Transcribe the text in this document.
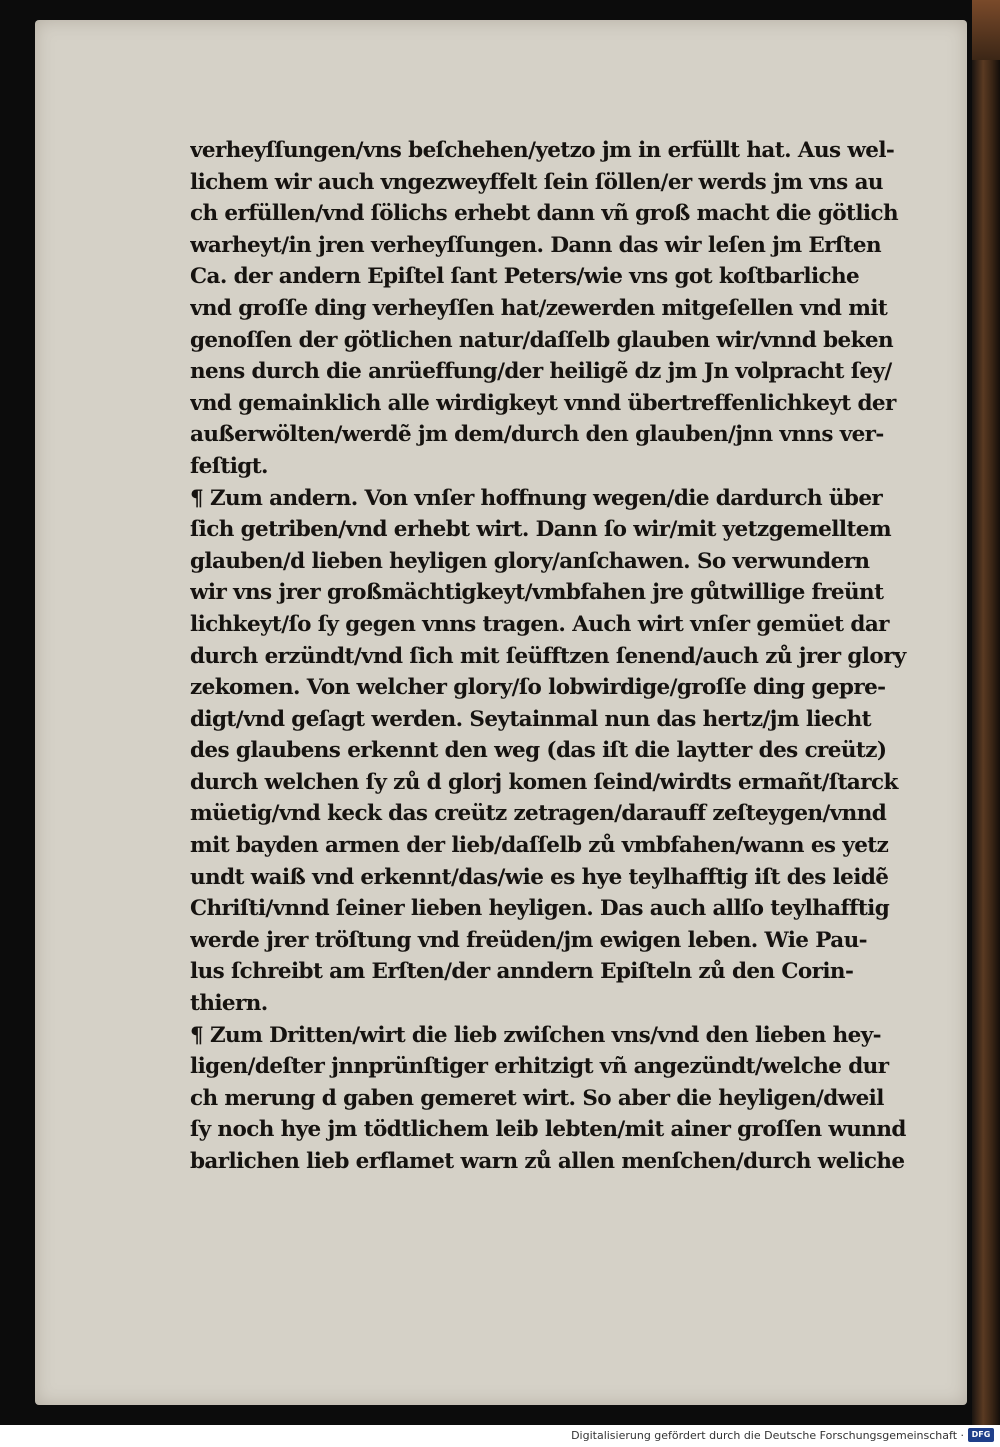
verheyſſungen/vns beſchehen/yetzo jm in erfüllt hat. Aus wel-
lichem wir auch vngezweyffelt ſein ſöllen/er werds jm vns au
ch erfüllen/vnd ſölichs erhebt dann vñ groß macht die götlich
warheyt/in jren verheyſſungen. Dann das wir leſen jm Erſten
Ca. der andern Epiſtel ſant Peters/wie vns got koſtbarliche
vnd groſſe ding verheyſſen hat/zewerden mitgeſellen vnd mit
genoſſen der götlichen natur/daſſelb glauben wir/vnnd beken
nens durch die anrüeffung/der heiligẽ dz jm Jn volpracht ſey/
vnd gemainklich alle wirdigkeyt vnnd übertreffenlichkeyt der
außerwölten/werdẽ jm dem/durch den glauben/jnn vnns ver-
feſtigt.
¶ Zum andern. Von vnſer hoffnung wegen/die dardurch über
ſich getriben/vnd erhebt wirt. Dann ſo wir/mit yetzgemelltem
glauben/d lieben heyligen glory/anſchawen. So verwundern
wir vns jrer großmächtigkeyt/vmbfahen jre gůtwillige freünt
lichkeyt/ſo ſy gegen vnns tragen. Auch wirt vnſer gemüet dar
durch erzündt/vnd ſich mit ſeüfftzen ſenend/auch zů jrer glory
zekomen. Von welcher glory/ſo lobwirdige/groſſe ding gepre-
digt/vnd geſagt werden. Seytainmal nun das hertz/jm liecht
des glaubens erkennt den weg (das iſt die laytter des creütz)
durch welchen ſy zů d glorj komen ſeind/wirdts ermañt/ſtarck
müetig/vnd keck das creütz zetragen/darauff zeſteygen/vnnd
mit bayden armen der lieb/daſſelb zů vmbfahen/wann es yetz
undt waiß vnd erkennt/das/wie es hye teylhafftig iſt des leidẽ
Chriſti/vnnd ſeiner lieben heyligen. Das auch allſo teylhafftig
werde jrer tröſtung vnd freüden/jm ewigen leben. Wie Pau-
lus ſchreibt am Erſten/der anndern Epiſteln zů den Corin-
thiern.
¶ Zum Dritten/wirt die lieb zwiſchen vns/vnd den lieben hey-
ligen/deſter jnnprünſtiger erhitzigt vñ angezündt/welche dur
ch merung d gaben gemeret wirt. So aber die heyligen/dweil
ſy noch hye jm tödtlichem leib lebten/mit ainer groſſen wunnd
barlichen lieb erflamet warn zů allen menſchen/durch weliche
Digitalisierung gefördert durch die Deutsche Forschungsgemeinschaft · DFG
